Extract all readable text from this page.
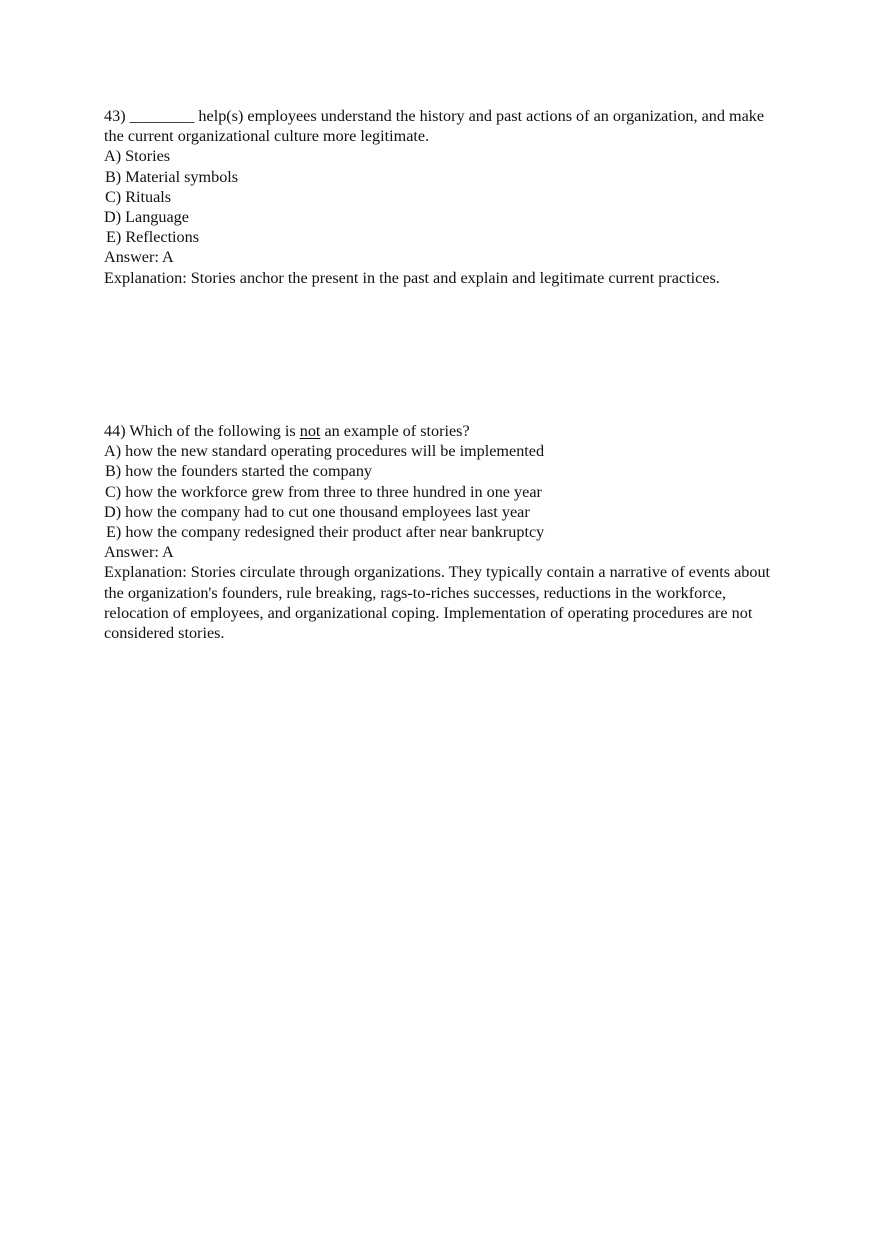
43) ________ help(s) employees understand the history and past actions of an organization, and make the current organizational culture more legitimate.
A) Stories
B) Material symbols
C) Rituals
D) Language
E) Reflections
Answer: A
Explanation: Stories anchor the present in the past and explain and legitimate current practices.
44) Which of the following is not an example of stories?
A) how the new standard operating procedures will be implemented
B) how the founders started the company
C) how the workforce grew from three to three hundred in one year
D) how the company had to cut one thousand employees last year
E) how the company redesigned their product after near bankruptcy
Answer: A
Explanation: Stories circulate through organizations. They typically contain a narrative of events about the organization's founders, rule breaking, rags-to-riches successes, reductions in the workforce, relocation of employees, and organizational coping. Implementation of operating procedures are not considered stories.
